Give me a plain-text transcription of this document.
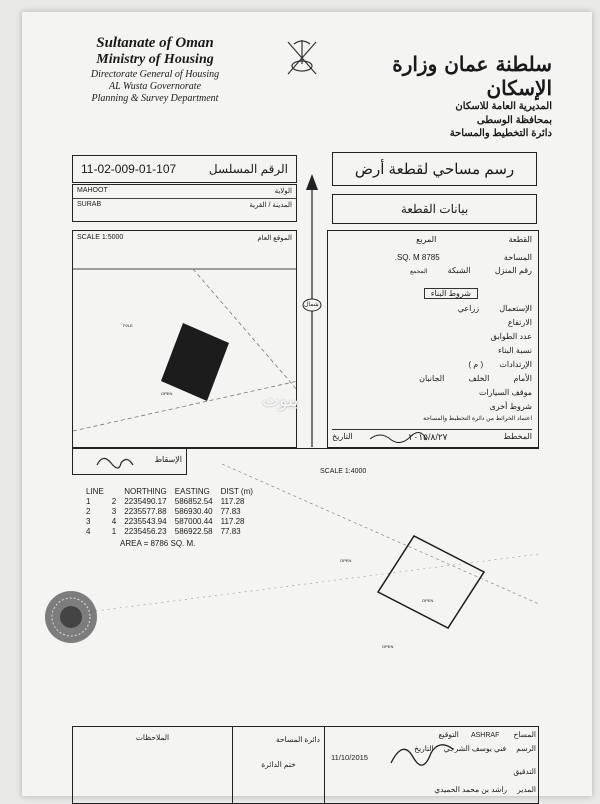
Sultanate of Oman
Ministry of Housing
Directorate General of Housing
AL Wusta Governorate
Planning & Survey Department
سلطنة عمان وزارة الإسكان
المديرية العامة للاسكان
بمحافظة الوسطى
دائرة التخطيط والمساحة
11-02-009-01-107	الرقم المسلسل	رسم مساحي لقطعة أرض
بيانات القطعة
MAHOOT	الولاية
SURAB	المدينة / القرية
SCALE 1:5000	الموقع العام
P2LE
OPEN
شمال
القطعة المربع
المساحة 8785 SQ. M.
رقم المنزل الشبكة المجمع
شروط البناء
الإستعمال زراعي
الارتفاع
عدد الطوابق
نسبة البناء
الإرتدادات ( م )
الأمام الخلف الجانبان
موقف السيارات
شروط أخرى
اعتماد الخرائط من دائرة التخطيط والمساحة
المخطط
٢٠١٥/٨/٢٧
التاريخ
بيوت
الإسقاط
SCALE 1:4000
OPEN
OPEN
OPEN
LINE		NORTHING	EASTING	DIST (m)
1	2	2235490.17	586852.54	117.28
2	3	2235577.88	586930.40	77.83
3	4	2235543.94	587000.44	117.28
4	1	2235456.23	586922.58	77.83
AREA = 8786 SQ. M.
الملاحظات	دائرة المساحة
ختم الدائرة
المساح ASHRAF التوقيع
الرسم فني يوسف الشرجي التاريخ
11/10/2015
التدقيق
المدير راشد بن محمد الحميدي
